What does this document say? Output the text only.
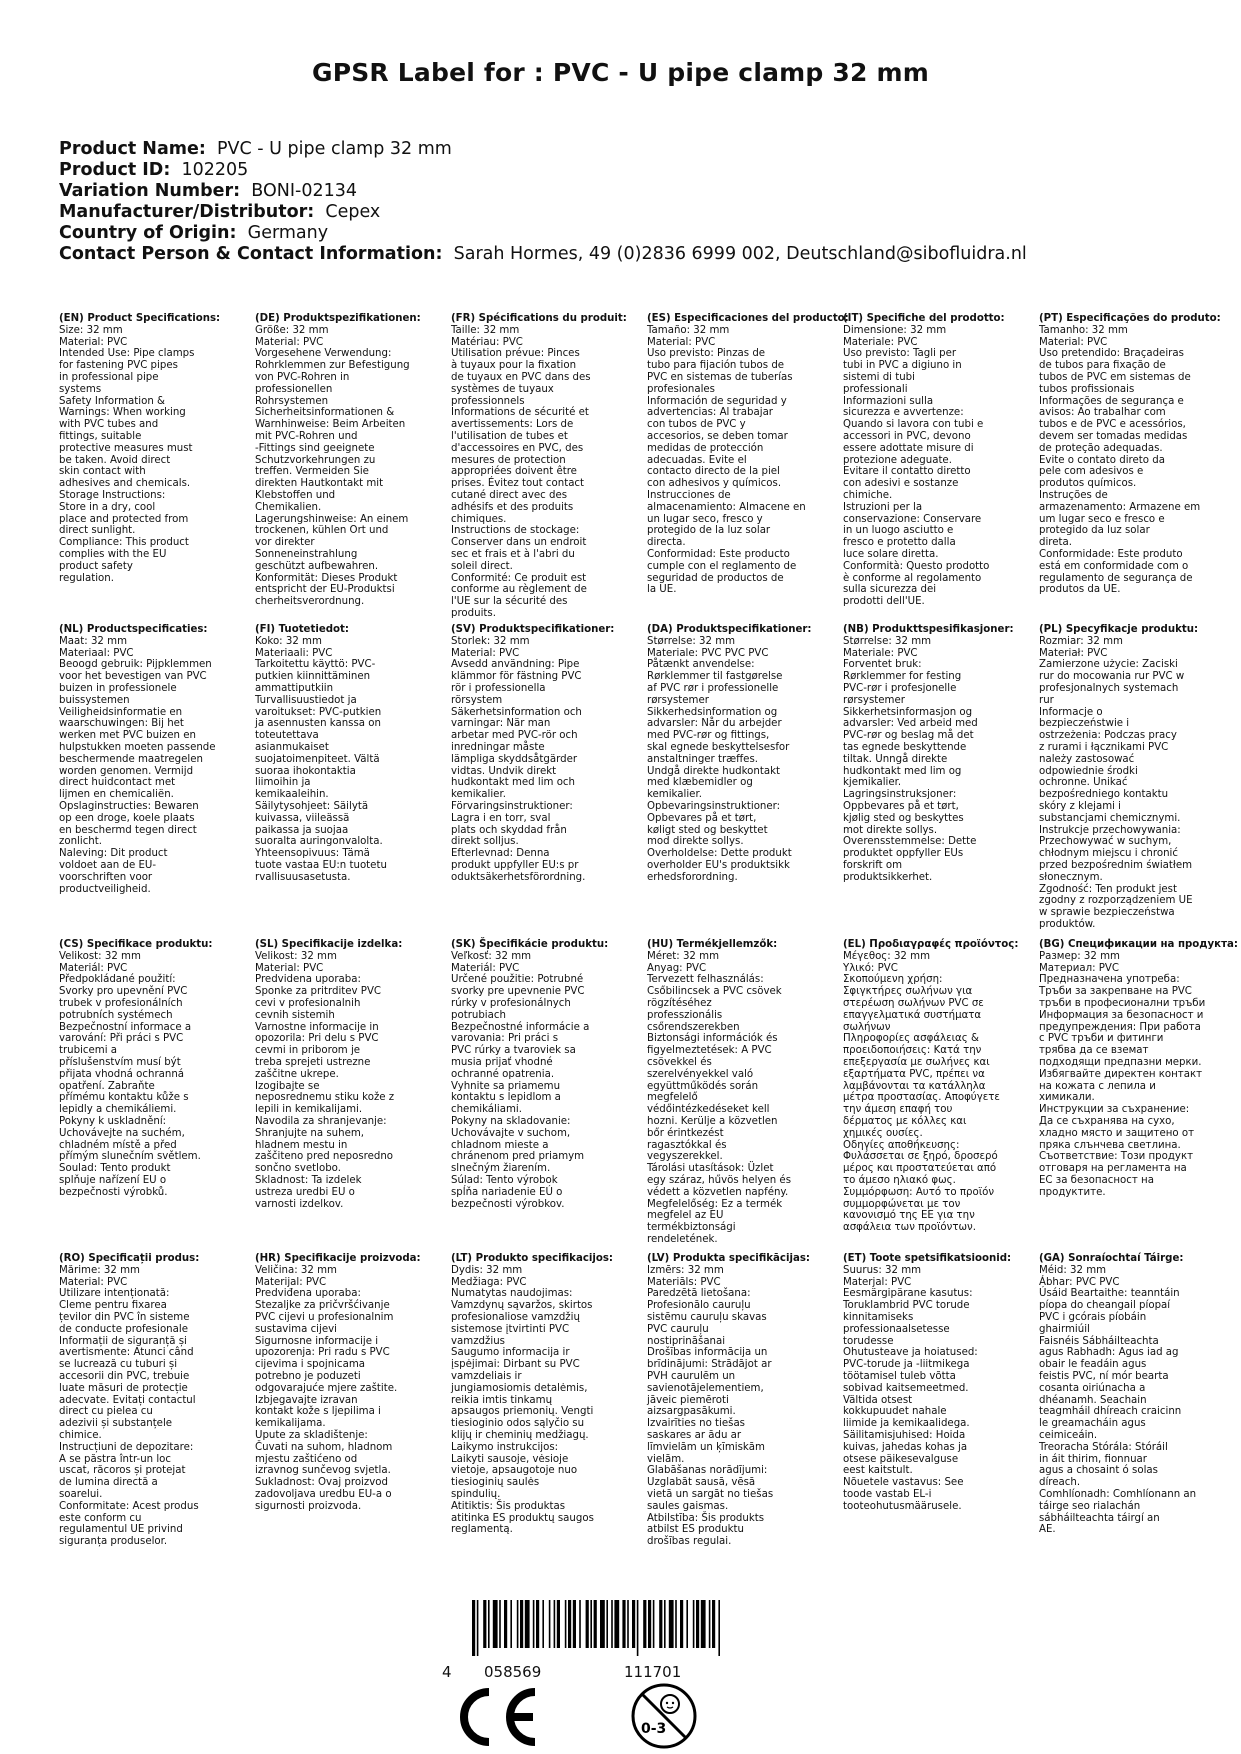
GPSR Label for : PVC - U pipe clamp 32 mm
Product Name: PVC - U pipe clamp 32 mm
Product ID: 102205
Variation Number: BONI-02134
Manufacturer/Distributor: Cepex
Country of Origin: Germany
Contact Person & Contact Information: Sarah Hormes, 49 (0)2836 6999 002, Deutschland@sibofluidra.nl
(EN) Product Specifications:
Size: 32 mm
Material: PVC
Intended Use: Pipe clamps
for fastening PVC pipes
in professional pipe
systems
Safety Information &
Warnings: When working
with PVC tubes and
fittings, suitable
protective measures must
be taken. Avoid direct
skin contact with
adhesives and chemicals.
Storage Instructions:
Store in a dry, cool
place and protected from
direct sunlight.
Compliance: This product
complies with the EU
product safety
regulation.
(DE) Produktspezifikationen:
Größe: 32 mm
Material: PVC
Vorgesehene Verwendung:
Rohrklemmen zur Befestigung
von PVC-Rohren in
professionellen
Rohrsystemen
Sicherheitsinformationen &
Warnhinweise: Beim Arbeiten
mit PVC-Rohren und
-Fittings sind geeignete
Schutzvorkehrungen zu
treffen. Vermeiden Sie
direkten Hautkontakt mit
Klebstoffen und
Chemikalien.
Lagerungshinweise: An einem
trockenen, kühlen Ort und
vor direkter
Sonneneinstrahlung
geschützt aufbewahren.
Konformität: Dieses Produkt
entspricht der EU-Produktsi
cherheitsverordnung.
(FR) Spécifications du produit:
Taille: 32 mm
Matériau: PVC
Utilisation prévue: Pinces
à tuyaux pour la fixation
de tuyaux en PVC dans des
systèmes de tuyaux
professionnels
Informations de sécurité et
avertissements: Lors de
l'utilisation de tubes et
d'accessoires en PVC, des
mesures de protection
appropriées doivent être
prises. Évitez tout contact
cutané direct avec des
adhésifs et des produits
chimiques.
Instructions de stockage:
Conserver dans un endroit
sec et frais et à l'abri du
soleil direct.
Conformité: Ce produit est
conforme au règlement de
l'UE sur la sécurité des
produits.
(ES) Especificaciones del producto:
Tamaño: 32 mm
Material: PVC
Uso previsto: Pinzas de
tubo para fijación tubos de
PVC en sistemas de tuberías
profesionales
Información de seguridad y
advertencias: Al trabajar
con tubos de PVC y
accesorios, se deben tomar
medidas de protección
adecuadas. Evite el
contacto directo de la piel
con adhesivos y químicos.
Instrucciones de
almacenamiento: Almacene en
un lugar seco, fresco y
protegido de la luz solar
directa.
Conformidad: Este producto
cumple con el reglamento de
seguridad de productos de
la UE.
(IT) Specifiche del prodotto:
Dimensione: 32 mm
Materiale: PVC
Uso previsto: Tagli per
tubi in PVC a digiuno in
sistemi di tubi
professionali
Informazioni sulla
sicurezza e avvertenze:
Quando si lavora con tubi e
accessori in PVC, devono
essere adottate misure di
protezione adeguate.
Evitare il contatto diretto
con adesivi e sostanze
chimiche.
Istruzioni per la
conservazione: Conservare
in un luogo asciutto e
fresco e protetto dalla
luce solare diretta.
Conformità: Questo prodotto
è conforme al regolamento
sulla sicurezza dei
prodotti dell'UE.
(PT) Especificações do produto:
Tamanho: 32 mm
Material: PVC
Uso pretendido: Braçadeiras
de tubos para fixação de
tubos de PVC em sistemas de
tubos profissionais
Informações de segurança e
avisos: Ao trabalhar com
tubos e de PVC e acessórios,
devem ser tomadas medidas
de proteção adequadas.
Evite o contato direto da
pele com adesivos e
produtos químicos.
Instruções de
armazenamento: Armazene em
um lugar seco e fresco e
protegido da luz solar
direta.
Conformidade: Este produto
está em conformidade com o
regulamento de segurança de
produtos da UE.
(NL) Productspecificaties:
Maat: 32 mm
Materiaal: PVC
Beoogd gebruik: Pijpklemmen
voor het bevestigen van PVC
buizen in professionele
buissystemen
Veiligheidsinformatie en
waarschuwingen: Bij het
werken met PVC buizen en
hulpstukken moeten passende
beschermende maatregelen
worden genomen. Vermijd
direct huidcontact met
lijmen en chemicaliën.
Opslaginstructies: Bewaren
op een droge, koele plaats
en beschermd tegen direct
zonlicht.
Naleving: Dit product
voldoet aan de EU-
voorschriften voor
productveiligheid.
(FI) Tuotetiedot:
Koko: 32 mm
Materiaali: PVC
Tarkoitettu käyttö: PVC-
putkien kiinnittäminen
ammattiputkiin
Turvallisuustiedot ja
varoitukset: PVC-putkien
ja asennusten kanssa on
toteutettava
asianmukaiset
suojatoimenpiteet. Vältä
suoraa ihokontaktia
liimoihin ja
kemikaaleihin.
Säilytysohjeet: Säilytä
kuivassa, viileässä
paikassa ja suojaa
suoralta auringonvalolta.
Yhteensopivuus: Tämä
tuote vastaa EU:n tuotetu
rvallisuusasetusta.
(SV) Produktspecifikationer:
Storlek: 32 mm
Material: PVC
Avsedd användning: Pipe
klämmor för fästning PVC
rör i professionella
rörsystem
Säkerhetsinformation och
varningar: När man
arbetar med PVC-rör och
inredningar måste
lämpliga skyddsåtgärder
vidtas. Undvik direkt
hudkontakt med lim och
kemikalier.
Förvaringsinstruktioner:
Lagra i en torr, sval
plats och skyddad från
direkt solljus.
Efterlevnad: Denna
produkt uppfyller EU:s pr
oduktsäkerhetsförordning.
(DA) Produktspecifikationer:
Størrelse: 32 mm
Materiale: PVC PVC PVC
Påtænkt anvendelse:
Rørklemmer til fastgørelse
af PVC rør i professionelle
rørsystemer
Sikkerhedsinformation og
advarsler: Når du arbejder
med PVC-rør og fittings,
skal egnede beskyttelsesfor
anstaltninger træffes.
Undgå direkte hudkontakt
med klæbemidler og
kemikalier.
Opbevaringsinstruktioner:
Opbevares på et tørt,
køligt sted og beskyttet
mod direkte sollys.
Overholdelse: Dette produkt
overholder EU's produktsikk
erhedsforordning.
(NB) Produkttspesifikasjoner:
Størrelse: 32 mm
Materiale: PVC
Forventet bruk:
Rørklemmer for festing
PVC-rør i profesjonelle
rørsystemer
Sikkerhetsinformasjon og
advarsler: Ved arbeid med
PVC-rør og beslag må det
tas egnede beskyttende
tiltak. Unngå direkte
hudkontakt med lim og
kjemikalier.
Lagringsinstruksjoner:
Oppbevares på et tørt,
kjølig sted og beskyttes
mot direkte sollys.
Overensstemmelse: Dette
produktet oppfyller EUs
forskrift om
produktsikkerhet.
(PL) Specyfikacje produktu:
Rozmiar: 32 mm
Materiał: PVC
Zamierzone użycie: Zaciski
rur do mocowania rur PVC w
profesjonalnych systemach
rur
Informacje o
bezpieczeństwie i
ostrzeżenia: Podczas pracy
z rurami i łącznikami PVC
należy zastosować
odpowiednie środki
ochronne. Unikać
bezpośredniego kontaktu
skóry z klejami i
substancjami chemicznymi.
Instrukcje przechowywania:
Przechowywać w suchym,
chłodnym miejscu i chronić
przed bezpośrednim światłem
słonecznym.
Zgodność: Ten produkt jest
zgodny z rozporządzeniem UE
w sprawie bezpieczeństwa
produktów.
(CS) Specifikace produktu:
Velikost: 32 mm
Materiál: PVC
Předpokládané použití:
Svorky pro upevnění PVC
trubek v profesionálních
potrubních systémech
Bezpečnostní informace a
varování: Při práci s PVC
trubicemi a
příslušenstvím musí být
přijata vhodná ochranná
opatření. Zabraňte
přímému kontaktu kůže s
lepidly a chemikáliemi.
Pokyny k uskladnění:
Uchovávejte na suchém,
chladném místě a před
přímým slunečním světlem.
Soulad: Tento produkt
splňuje nařízení EU o
bezpečnosti výrobků.
(SL) Specifikacije izdelka:
Velikost: 32 mm
Material: PVC
Predvidena uporaba:
Sponke za pritrditev PVC
cevi v profesionalnih
cevnih sistemih
Varnostne informacije in
opozorila: Pri delu s PVC
cevmi in priborom je
treba sprejeti ustrezne
zaščitne ukrepe.
Izogibajte se
neposrednemu stiku kože z
lepili in kemikalijami.
Navodila za shranjevanje:
Shranjujte na suhem,
hladnem mestu in
zaščiteno pred neposredno
sončno svetlobo.
Skladnost: Ta izdelek
ustreza uredbi EU o
varnosti izdelkov.
(SK) Špecifikácie produktu:
Veľkosť: 32 mm
Materiál: PVC
Určené použitie: Potrubné
svorky pre upevnenie PVC
rúrky v profesionálnych
potrubiach
Bezpečnostné informácie a
varovania: Pri práci s
PVC rúrky a tvaroviek sa
musia prijať vhodné
ochranné opatrenia.
Vyhnite sa priamemu
kontaktu s lepidlom a
chemikáliami.
Pokyny na skladovanie:
Uchovávajte v suchom,
chladnom mieste a
chránenom pred priamym
slnečným žiarením.
Súlad: Tento výrobok
spĺňa nariadenie EÚ o
bezpečnosti výrobkov.
(HU) Termékjellemzők:
Méret: 32 mm
Anyag: PVC
Tervezett felhasználás:
Csőbilincsek a PVC csövek
rögzítéséhez
professzionális
csőrendszerekben
Biztonsági információk és
figyelmeztetések: A PVC
csövekkel és
szerelvényekkel való
együttműködés során
megfelelő
védőintézkedéseket kell
hozni. Kerülje a közvetlen
bőr érintkezést
ragasztókkal és
vegyszerekkel.
Tárolási utasítások: Üzlet
egy száraz, hűvös helyen és
védett a közvetlen napfény.
Megfelelőség: Ez a termék
megfelel az EU
termékbiztonsági
rendeletének.
(EL) Προδιαγραφές προϊόντος:
Μέγεθος: 32 mm
Υλικό: PVC
Σκοπούμενη χρήση:
Σφιγκτήρες σωλήνων για
στερέωση σωλήνων PVC σε
επαγγελματικά συστήματα
σωλήνων
Πληροφορίες ασφάλειας &
προειδοποιήσεις: Κατά την
επεξεργασία με σωλήνες και
εξαρτήματα PVC, πρέπει να
λαμβάνονται τα κατάλληλα
μέτρα προστασίας. Αποφύγετε
την άμεση επαφή του
δέρματος με κόλλες και
χημικές ουσίες.
Οδηγίες αποθήκευσης:
Φυλάσσεται σε ξηρό, δροσερό
μέρος και προστατεύεται από
το άμεσο ηλιακό φως.
Συμμόρφωση: Αυτό το προϊόν
συμμορφώνεται με τον
κανονισμό της ΕΕ για την
ασφάλεια των προϊόντων.
(BG) Спецификации на продукта:
Размер: 32 mm
Материал: PVC
Предназначена употреба:
Тръби за закрепване на PVC
тръби в професионални тръби
Информация за безопасност и
предупреждения: При работа
с PVC тръби и фитинги
трябва да се вземат
подходящи предпазни мерки.
Избягвайте директен контакт
на кожата с лепила и
химикали.
Инструкции за съхранение:
Да се съхранява на сухо,
хладно място и защитено от
пряка слънчева светлина.
Съответствие: Този продукт
отговаря на регламента на
ЕС за безопасност на
продуктите.
(RO) Specificații produs:
Mărime: 32 mm
Material: PVC
Utilizare intenționată:
Cleme pentru fixarea
țevilor din PVC în sisteme
de conducte profesionale
Informații de siguranță și
avertismente: Atunci când
se lucrează cu tuburi și
accesorii din PVC, trebuie
luate măsuri de protecție
adecvate. Evitați contactul
direct cu pielea cu
adezivii și substanțele
chimice.
Instrucțiuni de depozitare:
A se păstra într-un loc
uscat, răcoros și protejat
de lumina directă a
soarelui.
Conformitate: Acest produs
este conform cu
regulamentul UE privind
siguranța produselor.
(HR) Specifikacije proizvoda:
Veličina: 32 mm
Materijal: PVC
Predviđena uporaba:
Stezaljke za pričvršćivanje
PVC cijevi u profesionalnim
sustavima cijevi
Sigurnosne informacije i
upozorenja: Pri radu s PVC
cijevima i spojnicama
potrebno je poduzeti
odgovarajuće mjere zaštite.
Izbjegavajte izravan
kontakt kože s ljepilima i
kemikalijama.
Upute za skladištenje:
Čuvati na suhom, hladnom
mjestu zaštićeno od
izravnog sunčevog svjetla.
Sukladnost: Ovaj proizvod
zadovoljava uredbu EU-a o
sigurnosti proizvoda.
(LT) Produkto specifikacijos:
Dydis: 32 mm
Medžiaga: PVC
Numatytas naudojimas:
Vamzdynų sąvaržos, skirtos
profesionaliose vamzdžių
sistemose įtvirtinti PVC
vamzdžius
Saugumo informacija ir
įspėjimai: Dirbant su PVC
vamzdeliais ir
jungiamosiomis detalėmis,
reikia imtis tinkamų
apsaugos priemonių. Vengti
tiesioginio odos sąlyčio su
klijų ir cheminių medžiagų.
Laikymo instrukcijos:
Laikyti sausoje, vėsioje
vietoje, apsaugotoje nuo
tiesioginių saulės
spindulių.
Atitiktis: Šis produktas
atitinka ES produktų saugos
reglamentą.
(LV) Produkta specifikācijas:
Izmērs: 32 mm
Materiāls: PVC
Paredzētā lietošana:
Profesionālo cauruļu
sistēmu cauruļu skavas
PVC cauruļu
nostiprināšanai
Drošības informācija un
brīdinājumi: Strādājot ar
PVH caurulēm un
savienotājelementiem,
jāveic piemēroti
aizsargpasākumi.
Izvairīties no tiešas
saskares ar ādu ar
līmvielām un ķīmiskām
vielām.
Glabāšanas norādījumi:
Uzglabāt sausā, vēsā
vietā un sargāt no tiešas
saules gaismas.
Atbilstība: Šis produkts
atbilst ES produktu
drošības regulai.
(ET) Toote spetsifikatsioonid:
Suurus: 32 mm
Materjal: PVC
Eesmärgipärane kasutus:
Toruklambrid PVC torude
kinnitamiseks
professionaalsetesse
torudesse
Ohutusteave ja hoiatused:
PVC-torude ja -liitmikega
töötamisel tuleb võtta
sobivad kaitsemeetmed.
Vältida otsest
kokkupuudet nahale
liimide ja kemikaalidega.
Säilitamisjuhised: Hoida
kuivas, jahedas kohas ja
otsese päikesevalguse
eest kaitstult.
Nõuetele vastavus: See
toode vastab EL-i
tooteohutusmäärusele.
(GA) Sonraíochtaí Táirge:
Méid: 32 mm
Ábhar: PVC PVC
Úsáid Beartaithe: teanntáin
píopa do cheangail píopaí
PVC i gcórais píobáin
ghairmiúil
Faisnéis Sábháilteachta
agus Rabhadh: Agus iad ag
obair le feadáin agus
feistis PVC, ní mór bearta
cosanta oiriúnacha a
dhéanamh. Seachain
teagmháil dhíreach craicinn
le greamacháin agus
ceimiceáin.
Treoracha Stórála: Stóráil
in áit thirim, fionnuar
agus a chosaint ó solas
díreach.
Comhlíonadh: Comhlíonann an
táirge seo rialachán
sábháilteachta táirgí an
AE.
4 058569	111701
0-3
